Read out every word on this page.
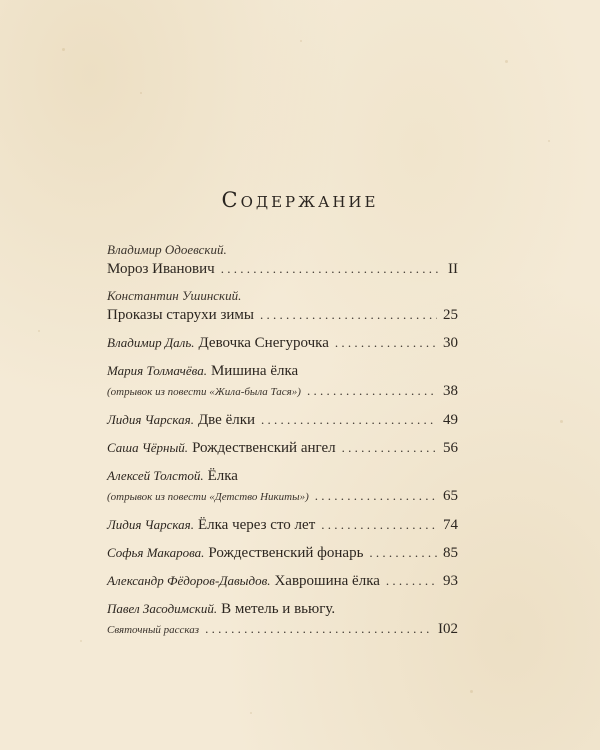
Содержание
Владимир Одоевский.
Мороз Иванович . . .	II
Константин Ушинский.
Проказы старухи зимы . . .	25
Владимир Даль. Девочка Снегурочка . . .	30
Мария Толмачёва. Мишина ёлка
(отрывок из повести «Жила-была Тася») . . .	38
Лидия Чарская. Две ёлки . . .	49
Саша Чёрный. Рождественский ангел . . .	56
Алексей Толстой. Ёлка
(отрывок из повести «Детство Никиты») . . .	65
Лидия Чарская. Ёлка через сто лет . . .	74
Софья Макарова. Рождественский фонарь . . .	85
Александр Фёдоров-Давыдов. Хаврошина ёлка . . .	93
Павел Засодимский. В метель и вьюгу.
Святочный рассказ . . .	I02
